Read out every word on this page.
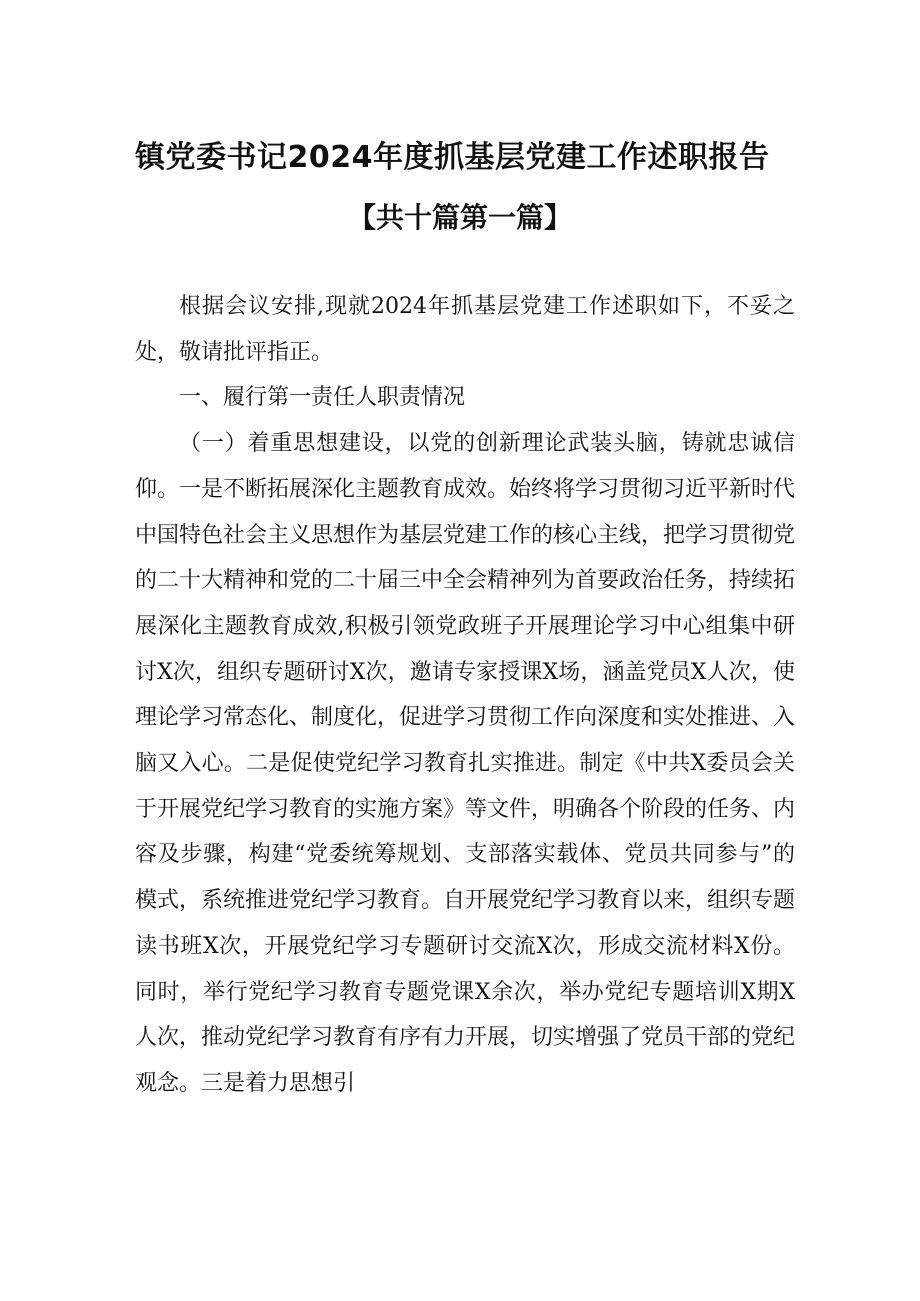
镇党委书记2024年度抓基层党建工作述职报告
【共十篇第一篇】

根据会议安排,现就2024年抓基层党建工作述职如下，不妥之处，敬请批评指正。

一、履行第一责任人职责情况

（一）着重思想建设，以党的创新理论武装头脑，铸就忠诚信仰。一是不断拓展深化主题教育成效。始终将学习贯彻习近平新时代中国特色社会主义思想作为基层党建工作的核心主线，把学习贯彻党的二十大精神和党的二十届三中全会精神列为首要政治任务，持续拓展深化主题教育成效,积极引领党政班子开展理论学习中心组集中研讨X次，组织专题研讨X次，邀请专家授课X场，涵盖党员X人次，使理论学习常态化、制度化，促进学习贯彻工作向深度和实处推进、入脑又入心。二是促使党纪学习教育扎实推进。制定《中共X委员会关于开展党纪学习教育的实施方案》等文件，明确各个阶段的任务、内容及步骤，构建“党委统筹规划、支部落实载体、党员共同参与”的模式，系统推进党纪学习教育。自开展党纪学习教育以来，组织专题读书班X次，开展党纪学习专题研讨交流X次，形成交流材料X份。同时，举行党纪学习教育专题党课X余次，举办党纪专题培训X期X人次，推动党纪学习教育有序有力开展，切实增强了党员干部的党纪观念。三是着力思想引
